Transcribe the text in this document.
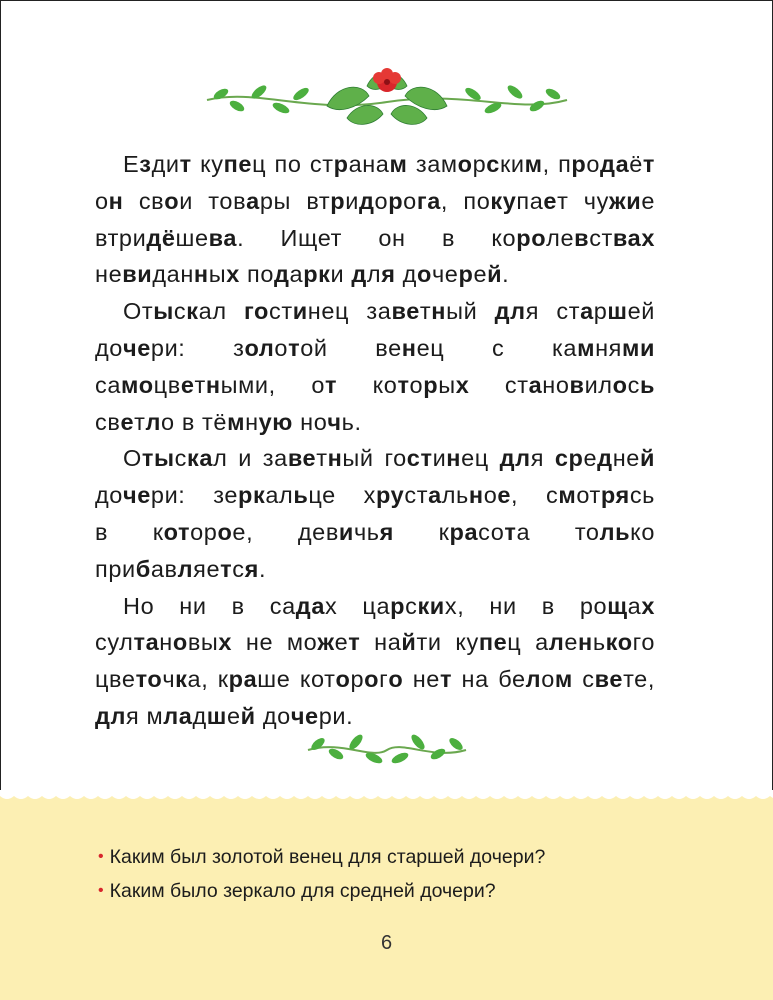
Ездит купец по странам заморским, продаёт
он свои товары втридорога, покупает чужие
втридёшева. Ищет он в королевствах
невиданных подарки для дочерей.
Отыскал гостинец заветный для старшей
дочери: золотой венец с камнями
самоцветными, от которых становилось
светло в тёмную ночь.
Отыскал и заветный гостинец для средней
дочери: зеркальце хрустальное, смотрясь
в которое, девичья красота только
прибавляется.
Но ни в садах царских, ни в рощах
султановых не может найти купец аленького
цветочка, краше которого нет на белом свете,
для младшей дочери.
• Каким был золотой венец для старшей дочери?
• Каким было зеркало для средней дочери?
6
